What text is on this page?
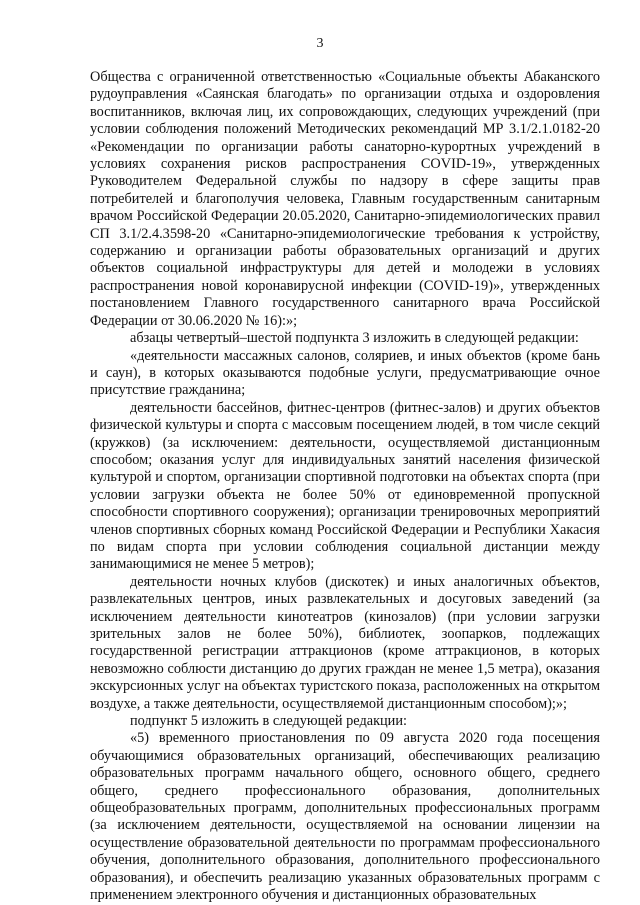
3

Общества с ограниченной ответственностью «Социальные объекты Абаканского рудоуправления «Саянская благодать» по организации отдыха и оздоровления воспитанников, включая лиц, их сопровождающих, следующих учреждений (при условии соблюдения положений Методических рекомендаций МР 3.1/2.1.0182-20 «Рекомендации по организации работы санаторно-курортных учреждений в условиях сохранения рисков распространения COVID-19», утвержденных Руководителем Федеральной службы по надзору в сфере защиты прав потребителей и благополучия человека, Главным государственным санитарным врачом Российской Федерации 20.05.2020, Санитарно-эпидемиологических правил СП 3.1/2.4.3598-20 «Санитарно-эпидемиологические требования к устройству, содержанию и организации работы образовательных организаций и других объектов социальной инфраструктуры для детей и молодежи в условиях распространения новой коронавирусной инфекции (COVID-19)», утвержденных постановлением Главного государственного санитарного врача Российской Федерации от 30.06.2020 № 16):»;

абзацы четвертый–шестой подпункта 3 изложить в следующей редакции:

«деятельности массажных салонов, соляриев, и иных объектов (кроме бань и саун), в которых оказываются подобные услуги, предусматривающие очное присутствие гражданина;

деятельности бассейнов, фитнес-центров (фитнес-залов) и других объектов физической культуры и спорта с массовым посещением людей, в том числе секций (кружков) (за исключением: деятельности, осуществляемой дистанционным способом; оказания услуг для индивидуальных занятий населения физической культурой и спортом, организации спортивной подготовки на объектах спорта (при условии загрузки объекта не более 50% от единовременной пропускной способности спортивного сооружения); организации тренировочных мероприятий членов спортивных сборных команд Российской Федерации и Республики Хакасия по видам спорта при условии соблюдения социальной дистанции между занимающимися не менее 5 метров);

деятельности ночных клубов (дискотек) и иных аналогичных объектов, развлекательных центров, иных развлекательных и досуговых заведений (за исключением деятельности кинотеатров (кинозалов) (при условии загрузки зрительных залов не более 50%), библиотек, зоопарков, подлежащих государственной регистрации аттракционов (кроме аттракционов, в которых невозможно соблюсти дистанцию до других граждан не менее 1,5 метра), оказания экскурсионных услуг на объектах туристского показа, расположенных на открытом воздухе, а также деятельности, осуществляемой дистанционным способом);»;

подпункт 5 изложить в следующей редакции:

«5) временного приостановления по 09 августа 2020 года посещения обучающимися образовательных организаций, обеспечивающих реализацию образовательных программ начального общего, основного общего, среднего общего, среднего профессионального образования, дополнительных общеобразовательных программ, дополнительных профессиональных программ (за исключением деятельности, осуществляемой на основании лицензии на осуществление образовательной деятельности по программам профессионального обучения, дополнительного образования, дополнительного профессионального образования), и обеспечить реализацию указанных образовательных программ с применением электронного обучения и дистанционных образовательных
